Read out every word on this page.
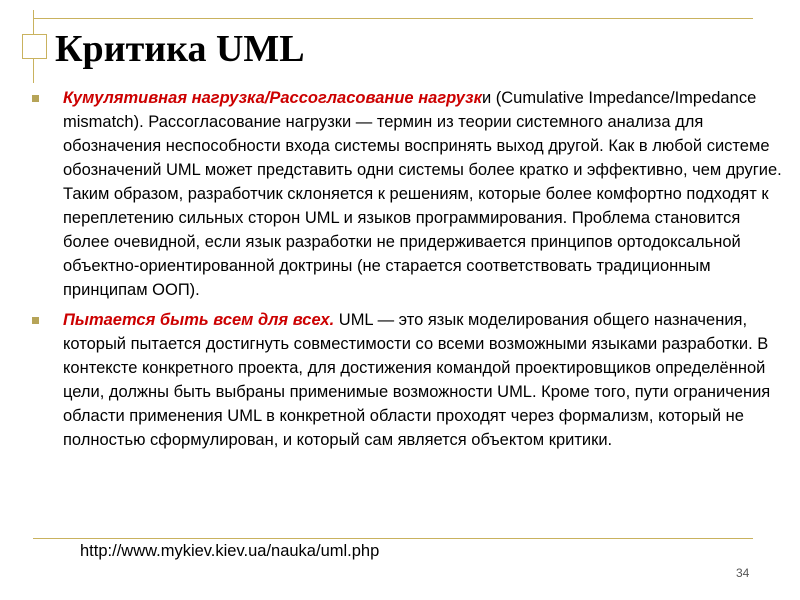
Критика UML
Кумулятивная нагрузка/Рассогласование нагрузки (Cumulative Impedance/Impedance mismatch). Рассогласование нагрузки — термин из теории системного анализа для обозначения неспособности входа системы воспринять выход другой. Как в любой системе обозначений UML может представить одни системы более кратко и эффективно, чем другие. Таким образом, разработчик склоняется к решениям, которые более комфортно подходят к переплетению сильных сторон UML и языков программирования. Проблема становится более очевидной, если язык разработки не придерживается принципов ортодоксальной объектно-ориентированной доктрины (не старается соответствовать традиционным принципам ООП).
Пытается быть всем для всех. UML — это язык моделирования общего назначения, который пытается достигнуть совместимости со всеми возможными языками разработки. В контексте конкретного проекта, для достижения командой проектировщиков определённой цели, должны быть выбраны применимые возможности UML. Кроме того, пути ограничения области применения UML в конкретной области проходят через формализм, который не полностью сформулирован, и который сам является объектом критики.
http://www.mykiev.kiev.ua/nauka/uml.php
34
